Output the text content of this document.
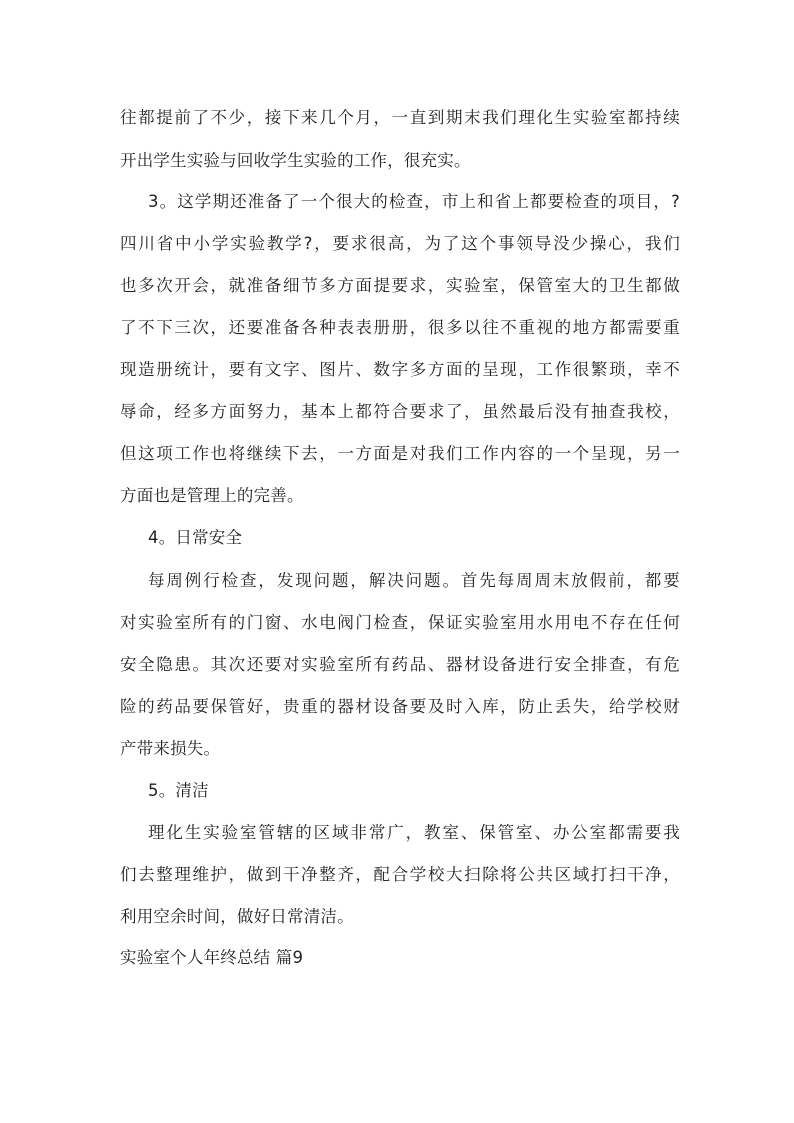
往都提前了不少，接下来几个月，一直到期末我们理化生实验室都持续
开出学生实验与回收学生实验的工作，很充实。
3。这学期还准备了一个很大的检查，市上和省上都要检查的项目，?
四川省中小学实验教学?，要求很高，为了这个事领导没少操心，我们
也多次开会，就准备细节多方面提要求，实验室，保管室大的卫生都做
了不下三次，还要准备各种表表册册，很多以往不重视的地方都需要重
现造册统计，要有文字、图片、数字多方面的呈现，工作很繁琐，幸不
辱命，经多方面努力，基本上都符合要求了，虽然最后没有抽查我校，
但这项工作也将继续下去，一方面是对我们工作内容的一个呈现，另一
方面也是管理上的完善。
4。日常安全
每周例行检查，发现问题，解决问题。首先每周周末放假前，都要
对实验室所有的门窗、水电阀门检查，保证实验室用水用电不存在任何
安全隐患。其次还要对实验室所有药品、器材设备进行安全排查，有危
险的药品要保管好，贵重的器材设备要及时入库，防止丢失，给学校财
产带来损失。
5。清洁
理化生实验室管辖的区域非常广，教室、保管室、办公室都需要我
们去整理维护，做到干净整齐，配合学校大扫除将公共区域打扫干净，
利用空余时间，做好日常清洁。
实验室个人年终总结 篇9
